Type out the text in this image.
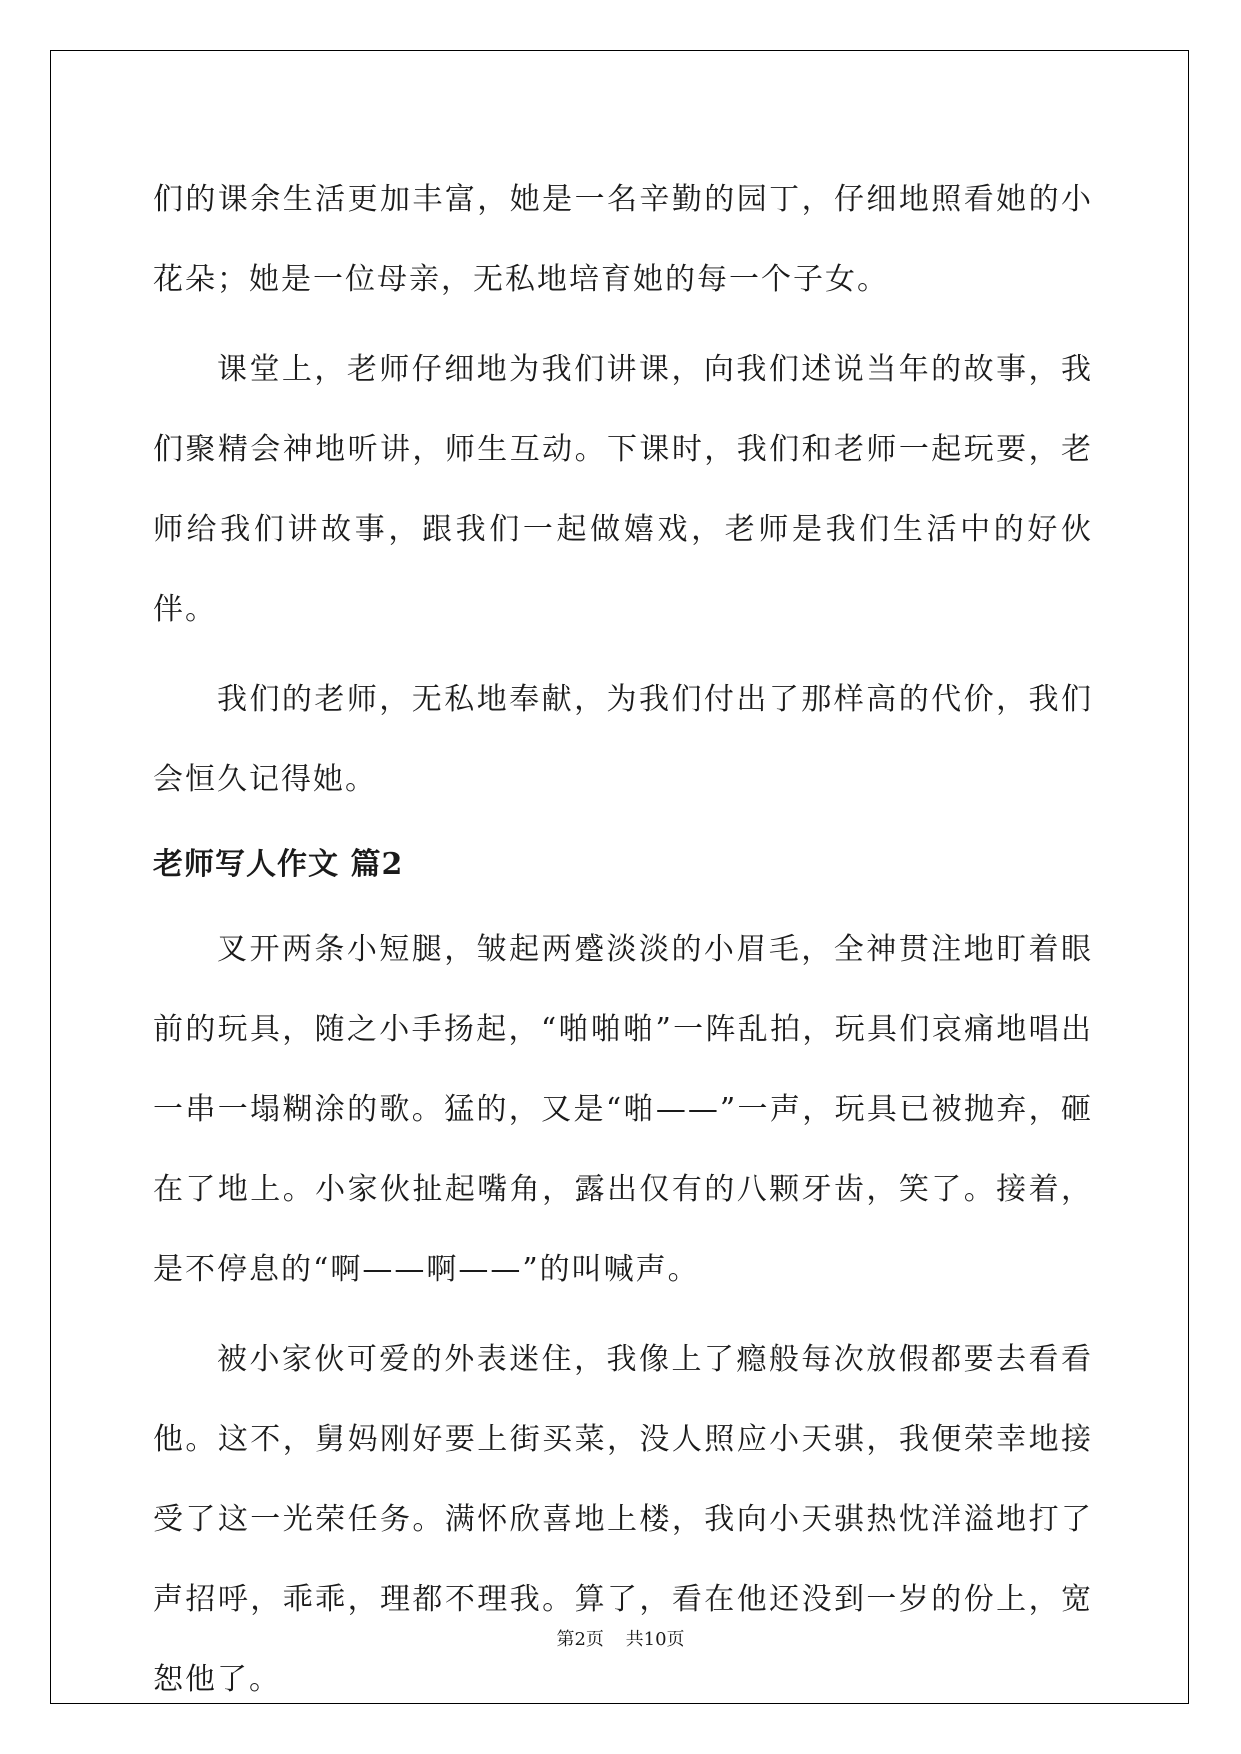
们的课余生活更加丰富，她是一名辛勤的园丁，仔细地照看她的小花朵；她是一位母亲，无私地培育她的每一个子女。

课堂上，老师仔细地为我们讲课，向我们述说当年的故事，我们聚精会神地听讲，师生互动。下课时，我们和老师一起玩要，老师给我们讲故事，跟我们一起做嬉戏，老师是我们生活中的好伙伴。

我们的老师，无私地奉献，为我们付出了那样高的代价，我们会恒久记得她。

老师写人作文 篇2

叉开两条小短腿，皱起两蹙淡淡的小眉毛，全神贯注地盯着眼前的玩具，随之小手扬起，“啪啪啪”一阵乱拍，玩具们哀痛地唱出一串一塌糊涂的歌。猛的，又是“啪——”一声，玩具已被抛弃，砸在了地上。小家伙扯起嘴角，露出仅有的八颗牙齿，笑了。接着，是不停息的“啊——啊——”的叫喊声。

被小家伙可爱的外表迷住，我像上了瘾般每次放假都要去看看他。这不，舅妈刚好要上街买菜，没人照应小天骐，我便荣幸地接受了这一光荣任务。满怀欣喜地上楼，我向小天骐热忱洋溢地打了声招呼，乖乖，理都不理我。算了，看在他还没到一岁的份上，宽恕他了。

第2页 共10页
